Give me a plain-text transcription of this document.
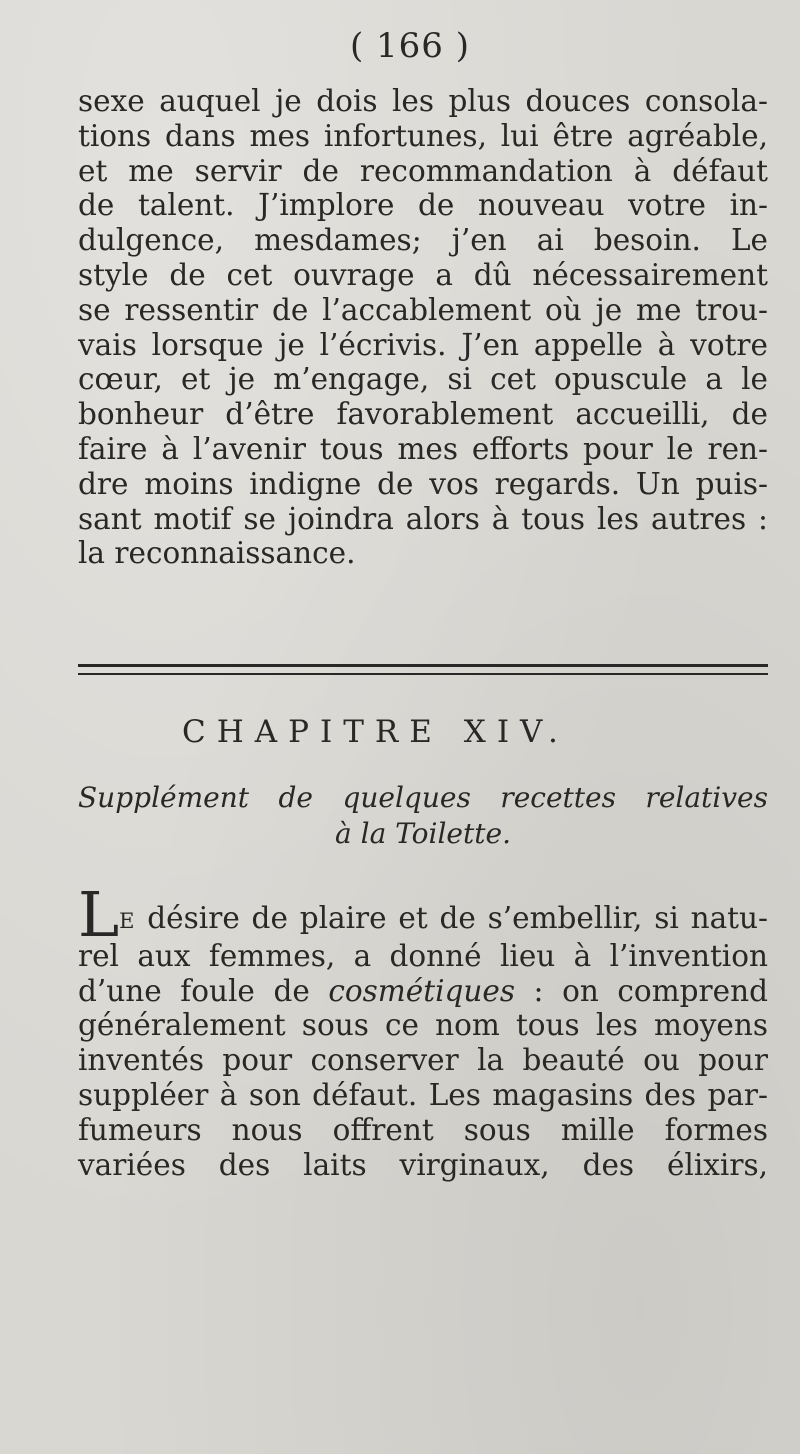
( 166 )
sexe auquel je dois les plus douces consola-
tions dans mes infortunes, lui être agréable,
et me servir de recommandation à défaut
de talent. J’implore de nouveau votre in-
dulgence, mesdames; j’en ai besoin. Le
style de cet ouvrage a dû nécessairement
se ressentir de l’accablement où je me trou-
vais lorsque je l’écrivis. J’en appelle à votre
cœur, et je m’engage, si cet opuscule a le
bonheur d’être favorablement accueilli, de
faire à l’avenir tous mes efforts pour le ren-
dre moins indigne de vos regards. Un puis-
sant motif se joindra alors à tous les autres :
la reconnaissance.
CHAPITRE XIV.
Supplément de quelques recettes relatives
à la Toilette.
LE désire de plaire et de s’embellir, si natu-
rel aux femmes, a donné lieu à l’invention
d’une foule de cosmétiques : on comprend
généralement sous ce nom tous les moyens
inventés pour conserver la beauté ou pour
suppléer à son défaut. Les magasins des par-
fumeurs nous offrent sous mille formes
variées des laits virginaux, des élixirs,
